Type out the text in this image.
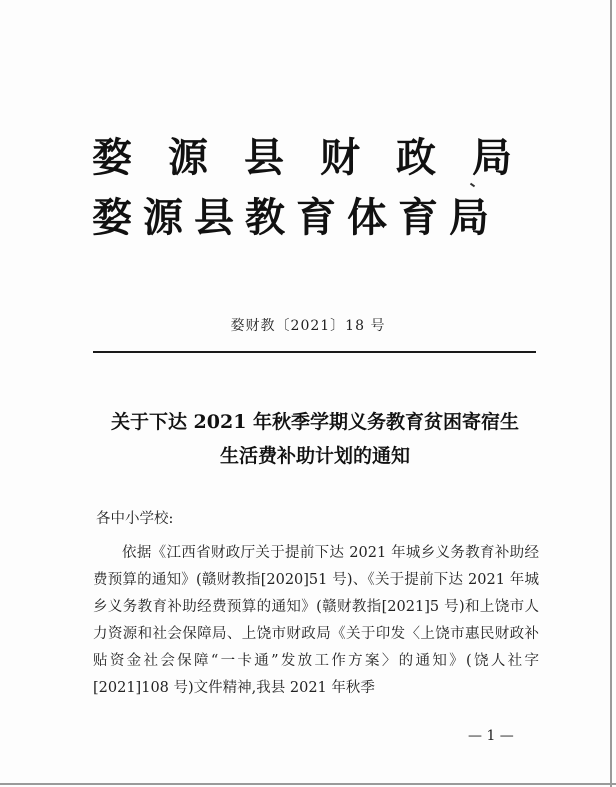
婺源县财政局
婺源县教育体育局
婺财教〔2021〕18 号
关于下达 2021 年秋季学期义务教育贫困寄宿生
生活费补助计划的通知
各中小学校:

依据《江西省财政厅关于提前下达 2021 年城乡义务教育补助经费预算的通知》(赣财教指[2020]51 号)、《关于提前下达 2021 年城乡义务教育补助经费预算的通知》(赣财教指[2021]5 号)和上饶市人力资源和社会保障局、上饶市财政局《关于印发〈上饶市惠民财政补贴资金社会保障“一卡通”发放工作方案〉的通知》(饶人社字[2021]108 号)文件精神,我县 2021 年秋季

— 1 —
